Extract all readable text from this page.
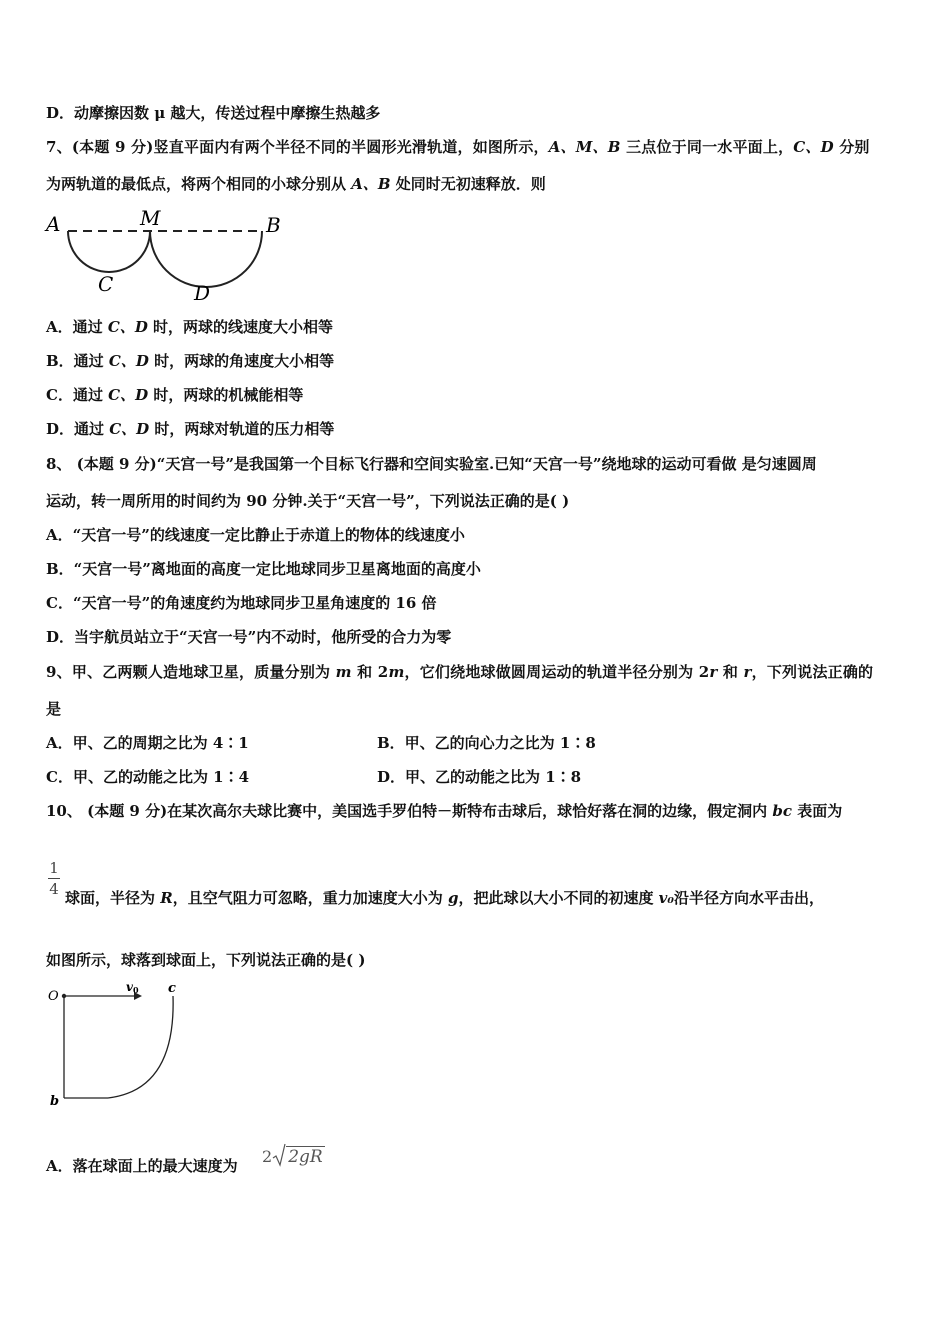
D．动摩擦因数 μ 越大，传送过程中摩擦生热越多
7、(本题 9 分)竖直平面内有两个半径不同的半圆形光滑轨道，如图所示，A、M、B 三点位于同一水平面上，C、D 分别
为两轨道的最低点，将两个相同的小球分别从 A、B 处同时无初速释放．则
A	M	B
C	D
A．通过 C、D 时，两球的线速度大小相等
B．通过 C、D 时，两球的角速度大小相等
C．通过 C、D 时，两球的机械能相等
D．通过 C、D 时，两球对轨道的压力相等
8、 (本题 9 分)“天宫一号”是我国第一个目标飞行器和空间实验室.已知“天宫一号”绕地球的运动可看做 是匀速圆周
运动，转一周所用的时间约为 90 分钟.关于“天宫一号”，下列说法正确的是( )
A．“天宫一号”的线速度一定比静止于赤道上的物体的线速度小
B．“天宫一号”离地面的高度一定比地球同步卫星离地面的高度小
C．“天宫一号”的角速度约为地球同步卫星角速度的 16 倍
D．当宇航员站立于“天宫一号”内不动时，他所受的合力为零
9、甲、乙两颗人造地球卫星，质量分别为 m 和 2m，它们绕地球做圆周运动的轨道半径分别为 2r 和 r，下列说法正确的
是
A．甲、乙的周期之比为 4∶1	B．甲、乙的向心力之比为 1∶8
C．甲、乙的动能之比为 1∶4	D．甲、乙的动能之比为 1∶8
10、 (本题 9 分)在某次高尔夫球比赛中，美国选手罗伯特－斯特布击球后，球恰好落在洞的边缘，假定洞内 bc 表面为
1
4 球面，半径为 R，且空气阻力可忽略，重力加速度大小为 g，把此球以大小不同的初速度 v₀沿半径方向水平击出，
如图所示，球落到球面上，下列说法正确的是( )
O
v0 c
b
A．落在球面上的最大速度为 2 2gR
